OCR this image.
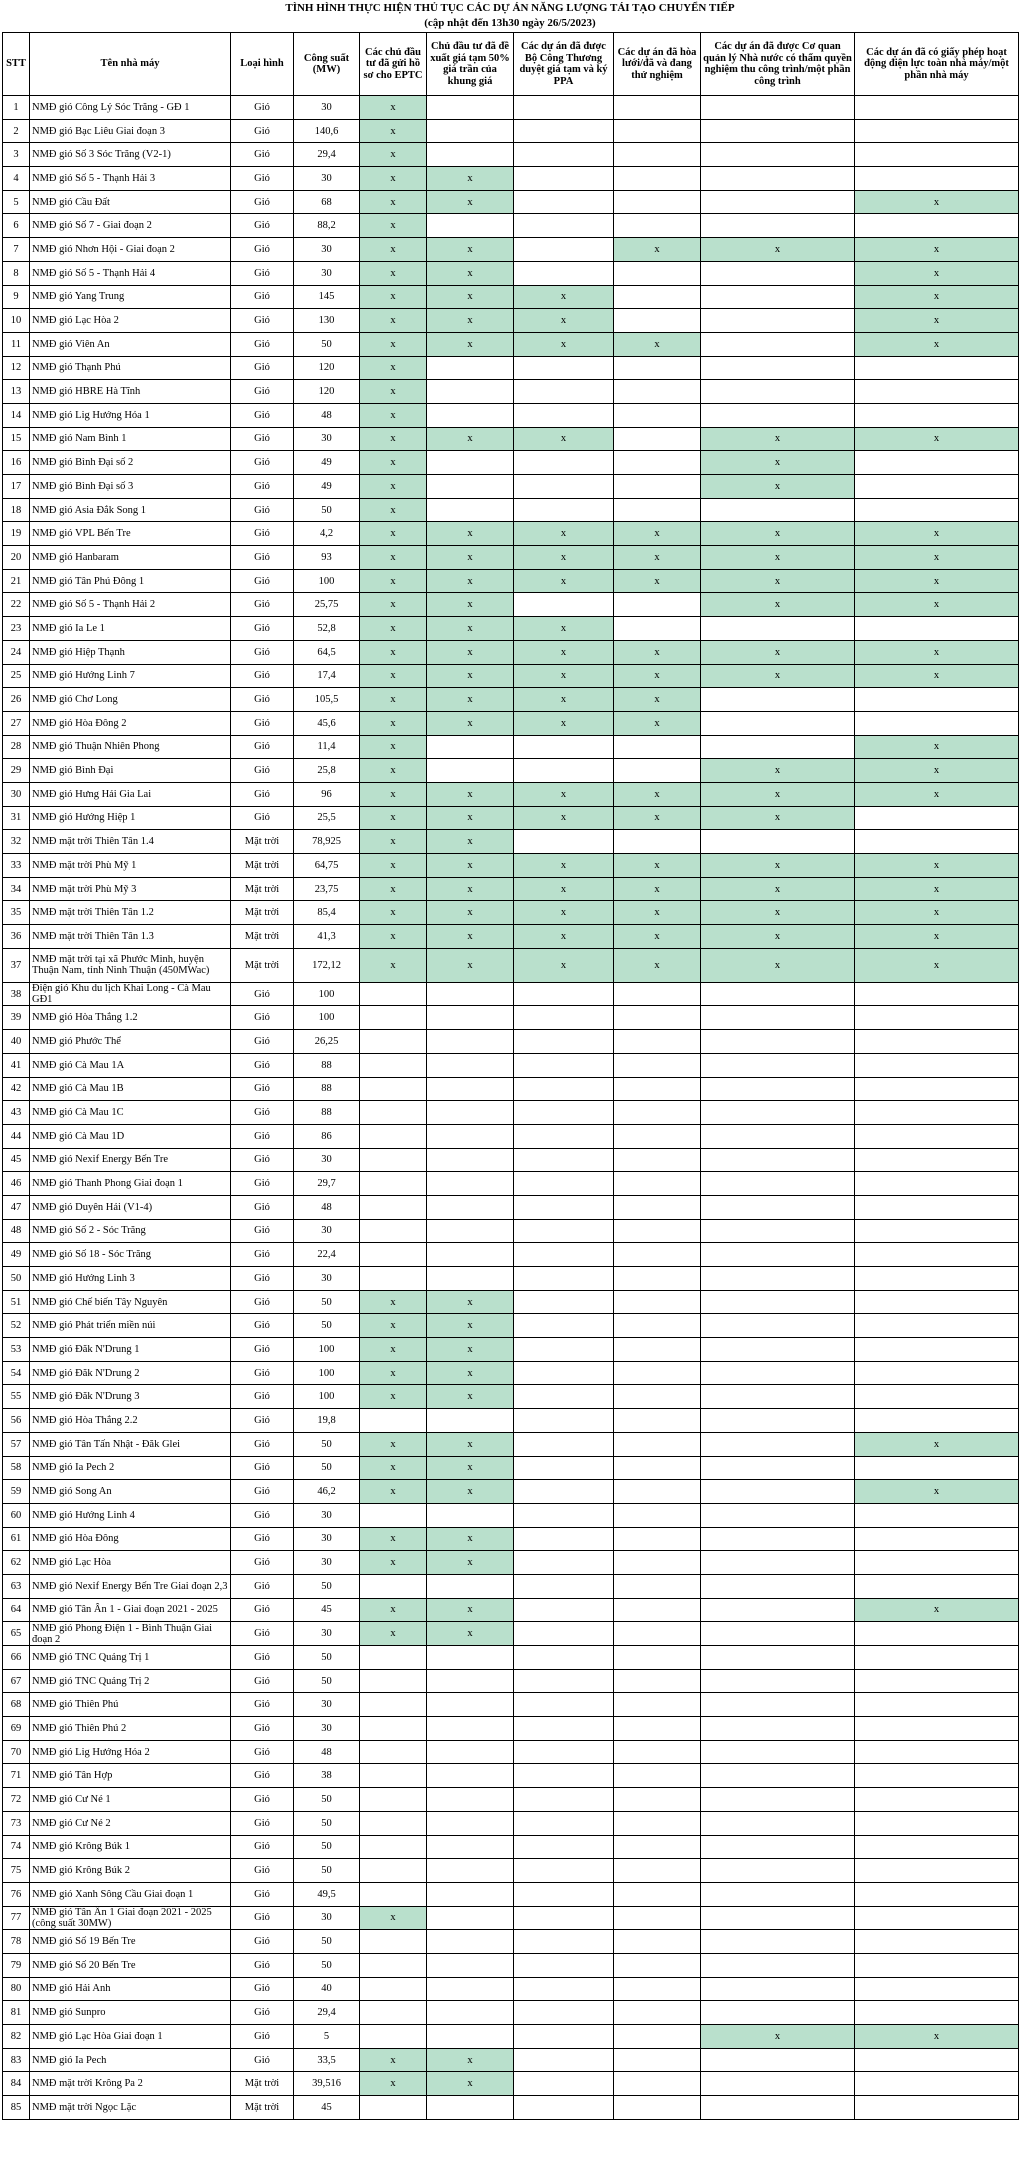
TÌNH HÌNH THỰC HIỆN THỦ TỤC CÁC DỰ ÁN NĂNG LƯỢNG TÁI TẠO CHUYỂN TIẾP
(cập nhật đến 13h30 ngày 26/5/2023)
STT	Tên nhà máy	Loại hình	Công suất (MW)	Các chủ đầu tư đã gửi hồ sơ cho EPTC	Chủ đầu tư đã đề xuất giá tạm 50% giá trần của khung giá	Các dự án đã được Bộ Công Thương duyệt giá tạm và ký PPA	Các dự án đã hòa lưới/đã và đang thử nghiệm	Các dự án đã được Cơ quan quản lý Nhà nước có thẩm quyền nghiệm thu công trình/một phần công trình	Các dự án đã có giấy phép hoạt động điện lực toàn nhà máy/một phần nhà máy
1	NMĐ gió Công Lý Sóc Trăng - GĐ 1	Gió	30	x					
2	NMĐ gió Bạc Liêu Giai đoạn 3	Gió	140,6	x					
3	NMĐ gió Số 3 Sóc Trăng (V2-1)	Gió	29,4	x					
4	NMĐ gió Số 5 - Thạnh Hải 3	Gió	30	x	x				
5	NMĐ gió Cầu Đất	Gió	68	x	x				x
6	NMĐ gió Số 7 - Giai đoạn 2	Gió	88,2	x					
7	NMĐ gió Nhơn Hội - Giai đoạn 2	Gió	30	x	x		x	x	x
8	NMĐ gió Số 5 - Thạnh Hải 4	Gió	30	x	x				x
9	NMĐ gió Yang Trung	Gió	145	x	x	x			x
10	NMĐ gió Lạc Hòa 2	Gió	130	x	x	x			x
11	NMĐ gió Viên An	Gió	50	x	x	x	x		x
12	NMĐ gió Thạnh Phú	Gió	120	x					
13	NMĐ gió HBRE Hà Tĩnh	Gió	120	x					
14	NMĐ gió Lig Hướng Hóa 1	Gió	48	x					
15	NMĐ gió Nam Bình 1	Gió	30	x	x	x		x	x
16	NMĐ gió Bình Đại số 2	Gió	49	x				x	
17	NMĐ gió Bình Đại số 3	Gió	49	x				x	
18	NMĐ gió Asia Đắk Song 1	Gió	50	x					
19	NMĐ gió VPL Bến Tre	Gió	4,2	x	x	x	x	x	x
20	NMĐ gió Hanbaram	Gió	93	x	x	x	x	x	x
21	NMĐ gió Tân Phú Đông 1	Gió	100	x	x	x	x	x	x
22	NMĐ gió Số 5 - Thạnh Hải 2	Gió	25,75	x	x			x	x
23	NMĐ gió Ia Le 1	Gió	52,8	x	x	x			
24	NMĐ gió Hiệp Thạnh	Gió	64,5	x	x	x	x	x	x
25	NMĐ gió Hướng Linh 7	Gió	17,4	x	x	x	x	x	x
26	NMĐ gió Chơ Long	Gió	105,5	x	x	x	x		
27	NMĐ gió Hòa Đông 2	Gió	45,6	x	x	x	x		
28	NMĐ gió Thuận Nhiên Phong	Gió	11,4	x					x
29	NMĐ gió Bình Đại	Gió	25,8	x				x	x
30	NMĐ gió Hưng Hải Gia Lai	Gió	96	x	x	x	x	x	x
31	NMĐ gió Hướng Hiệp 1	Gió	25,5	x	x	x	x	x	
32	NMĐ mặt trời Thiên Tân 1.4	Mặt trời	78,925	x	x				
33	NMĐ mặt trời Phù Mỹ 1	Mặt trời	64,75	x	x	x	x	x	x
34	NMĐ mặt trời Phù Mỹ 3	Mặt trời	23,75	x	x	x	x	x	x
35	NMĐ mặt trời Thiên Tân 1.2	Mặt trời	85,4	x	x	x	x	x	x
36	NMĐ mặt trời Thiên Tân 1.3	Mặt trời	41,3	x	x	x	x	x	x
37	NMĐ mặt trời tại xã Phước Minh, huyện Thuận Nam, tỉnh Ninh Thuận (450MWac)	Mặt trời	172,12	x	x	x	x	x	x
38	Điện gió Khu du lịch Khai Long - Cà Mau GĐ1	Gió	100						
39	NMĐ gió Hòa Thắng 1.2	Gió	100						
40	NMĐ gió Phước Thể	Gió	26,25						
41	NMĐ gió Cà Mau 1A	Gió	88						
42	NMĐ gió Cà Mau 1B	Gió	88						
43	NMĐ gió Cà Mau 1C	Gió	88						
44	NMĐ gió Cà Mau 1D	Gió	86						
45	NMĐ gió Nexif Energy Bến Tre	Gió	30						
46	NMĐ gió Thanh Phong Giai đoạn 1	Gió	29,7						
47	NMĐ gió Duyên Hải (V1-4)	Gió	48						
48	NMĐ gió Số 2 - Sóc Trăng	Gió	30						
49	NMĐ gió Số 18 - Sóc Trăng	Gió	22,4						
50	NMĐ gió Hướng Linh 3	Gió	30						
51	NMĐ gió Chế biến Tây Nguyên	Gió	50	x	x				
52	NMĐ gió Phát triển miền núi	Gió	50	x	x				
53	NMĐ gió Đăk N'Drung 1	Gió	100	x	x				
54	NMĐ gió Đăk N'Drung 2	Gió	100	x	x				
55	NMĐ gió Đăk N'Drung 3	Gió	100	x	x				
56	NMĐ gió Hòa Thắng 2.2	Gió	19,8						
57	NMĐ gió Tân Tấn Nhật - Đăk Glei	Gió	50	x	x				x
58	NMĐ gió Ia Pech 2	Gió	50	x	x				
59	NMĐ gió Song An	Gió	46,2	x	x				x
60	NMĐ gió Hướng Linh 4	Gió	30						
61	NMĐ gió Hòa Đông	Gió	30	x	x				
62	NMĐ gió Lạc Hòa	Gió	30	x	x				
63	NMĐ gió Nexif Energy Bến Tre Giai đoạn 2,3	Gió	50						
64	NMĐ gió Tân Ân 1 - Giai đoạn 2021 - 2025	Gió	45	x	x				x
65	NMĐ gió Phong Điện 1 - Bình Thuận Giai đoạn 2	Gió	30	x	x				
66	NMĐ gió TNC Quảng Trị 1	Gió	50						
67	NMĐ gió TNC Quảng Trị 2	Gió	50						
68	NMĐ gió Thiên Phú	Gió	30						
69	NMĐ gió Thiên Phú 2	Gió	30						
70	NMĐ gió Lig Hướng Hóa 2	Gió	48						
71	NMĐ gió Tân Hợp	Gió	38						
72	NMĐ gió Cư Né 1	Gió	50						
73	NMĐ gió Cư Né 2	Gió	50						
74	NMĐ gió Krông Búk 1	Gió	50						
75	NMĐ gió Krông Búk 2	Gió	50						
76	NMĐ gió Xanh Sông Cầu Giai đoạn 1	Gió	49,5						
77	NMĐ gió Tân Ân 1 Giai đoạn 2021 - 2025 (công suất 30MW)	Gió	30	x					
78	NMĐ gió Số 19 Bến Tre	Gió	50						
79	NMĐ gió Số 20 Bến Tre	Gió	50						
80	NMĐ gió Hải Anh	Gió	40						
81	NMĐ gió Sunpro	Gió	29,4						
82	NMĐ gió Lạc Hòa Giai đoạn 1	Gió	5					x	x
83	NMĐ gió Ia Pech	Gió	33,5	x	x				
84	NMĐ mặt trời Krông Pa 2	Mặt trời	39,516	x	x				
85	NMĐ mặt trời Ngọc Lặc	Mặt trời	45						
